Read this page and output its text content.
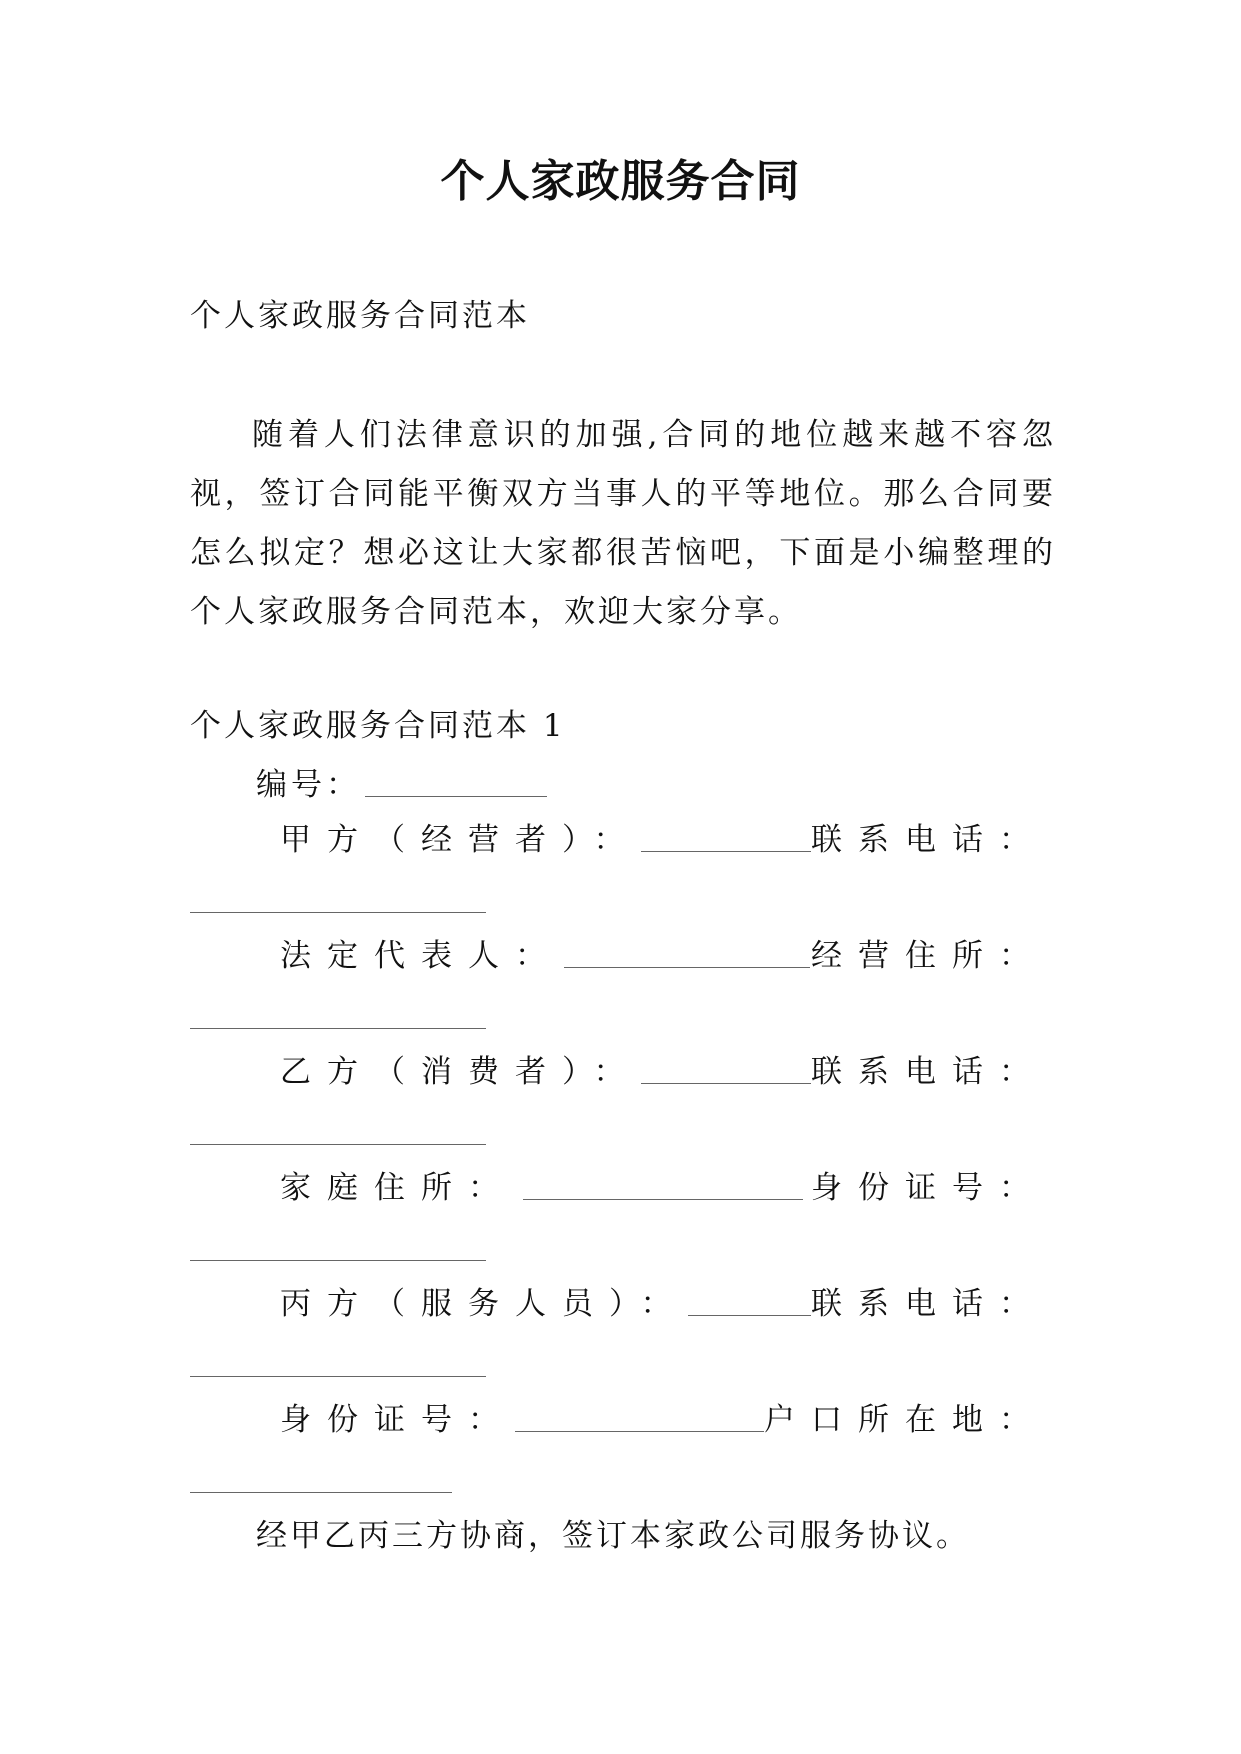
个人家政服务合同
个人家政服务合同范本

随着人们法律意识的加强,合同的地位越来越不容忽视，签订合同能平衡双方当事人的平等地位。那么合同要怎么拟定？想必这让大家都很苦恼吧，下面是小编整理的个人家政服务合同范本，欢迎大家分享。

个人家政服务合同范本 1
编号：
甲方（经营者）：	联系电话：
法定代表人：	经营住所：
乙方（消费者）：	联系电话：
家庭住所：	身份证号：
丙方（服务人员）：	联系电话：
身份证号：	户口所在地：
经甲乙丙三方协商，签订本家政公司服务协议。
